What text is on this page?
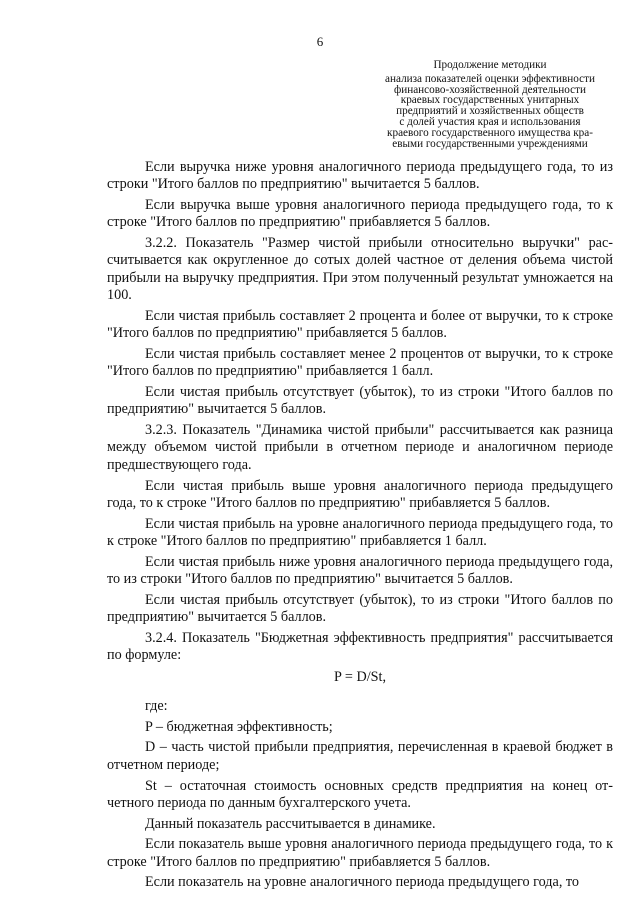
6
Продолжение методики
анализа показателей оценки эффективности
финансово-хозяйственной деятельности
краевых государственных унитарных
предприятий и хозяйственных обществ
с долей участия края и использования
краевого государственного имущества кра-
евыми государственными учреждениями

Если выручка ниже уровня аналогичного периода предыдущего года, то из строки "Итого баллов по предприятию" вычитается 5 баллов.

Если выручка выше уровня аналогичного периода предыдущего года, то к строке "Итого баллов по предприятию" прибавляется 5 баллов.

3.2.2. Показатель "Размер чистой прибыли относительно выручки" рассчитывается как округленное до сотых долей частное от деления объема чистой прибыли на выручку предприятия. При этом полученный результат умножается на 100.

Если чистая прибыль составляет 2 процента и более от выручки, то к строке "Итого баллов по предприятию" прибавляется 5 баллов.

Если чистая прибыль составляет менее 2 процентов от выручки, то к строке "Итого баллов по предприятию" прибавляется 1 балл.

Если чистая прибыль отсутствует (убыток), то из строки "Итого баллов по предприятию" вычитается 5 баллов.

3.2.3. Показатель "Динамика чистой прибыли" рассчитывается как разница между объемом чистой прибыли в отчетном периоде и аналогичном периоде предшествующего года.

Если чистая прибыль выше уровня аналогичного периода предыдущего года, то к строке "Итого баллов по предприятию" прибавляется 5 баллов.

Если чистая прибыль на уровне аналогичного периода предыдущего года, то к строке "Итого баллов по предприятию" прибавляется 1 балл.

Если чистая прибыль ниже уровня аналогичного периода предыдущего года, то из строки "Итого баллов по предприятию" вычитается 5 баллов.

Если чистая прибыль отсутствует (убыток), то из строки "Итого баллов по предприятию" вычитается 5 баллов.

3.2.4. Показатель "Бюджетная эффективность предприятия" рассчитывается по формуле:

P = D/St,

где:

P – бюджетная эффективность;

D – часть чистой прибыли предприятия, перечисленная в краевой бюджет в отчетном периоде;

St – остаточная стоимость основных средств предприятия на конец отчетного периода по данным бухгалтерского учета.

Данный показатель рассчитывается в динамике.

Если показатель выше уровня аналогичного периода предыдущего года, то к строке "Итого баллов по предприятию" прибавляется 5 баллов.

Если показатель на уровне аналогичного периода предыдущего года, то
